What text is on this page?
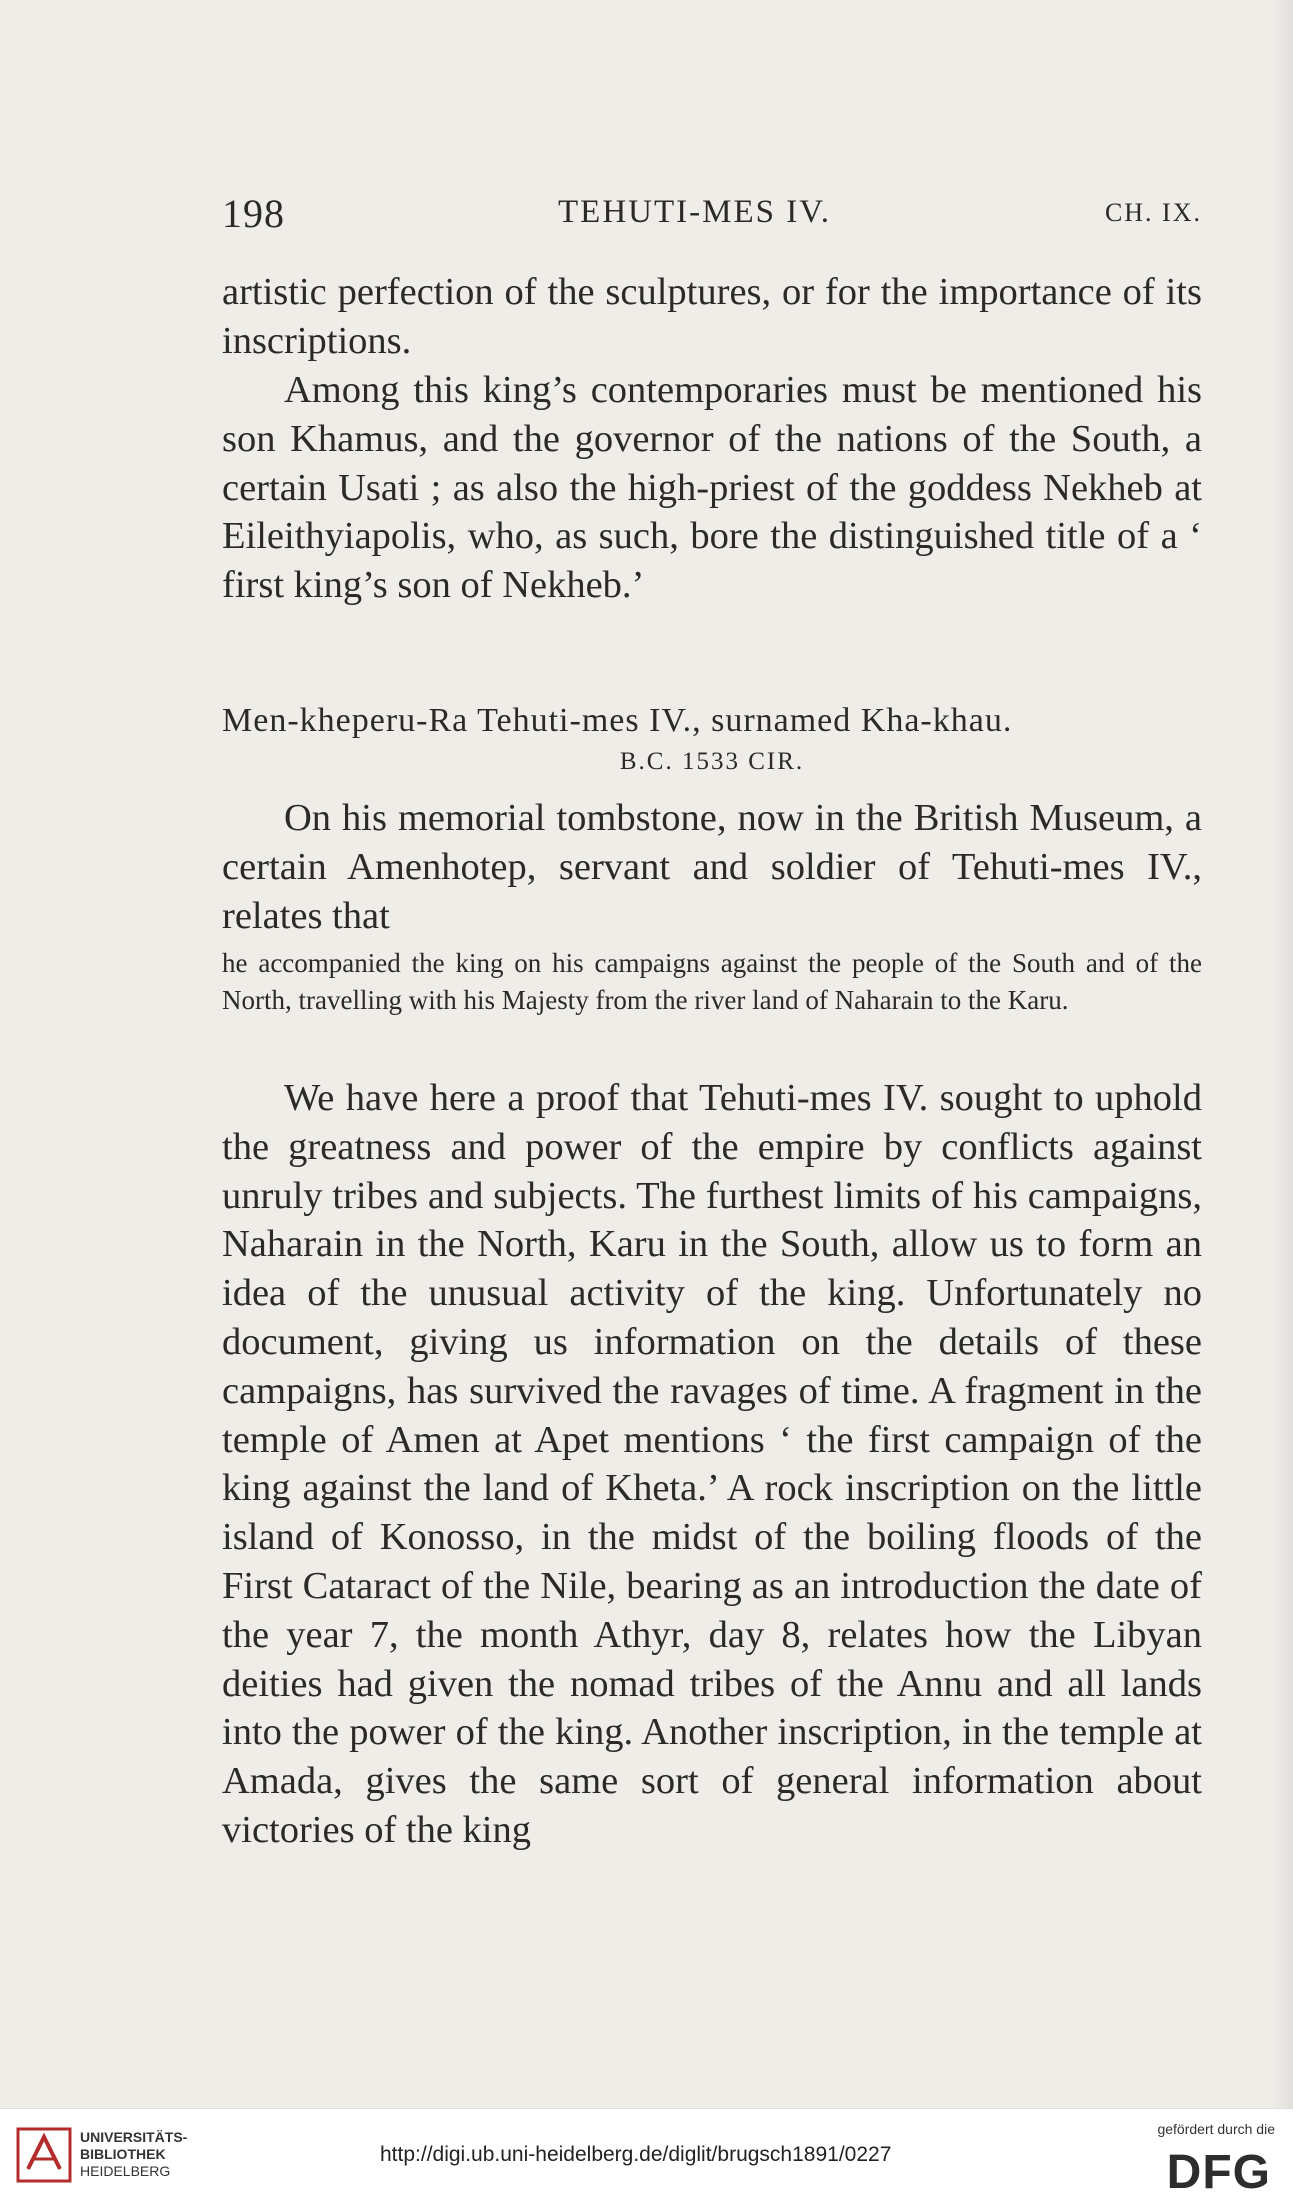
198	TEHUTI-MES IV.	CH. IX.

artistic perfection of the sculptures, or for the importance of its inscriptions.

Among this king’s contemporaries must be mentioned his son Khamus, and the governor of the nations of the South, a certain Usati ; as also the high-priest of the goddess Nekheb at Eileithyiapolis, who, as such, bore the distinguished title of a ‘ first king’s son of Nekheb.’

Men-kheperu-Ra Tehuti-mes IV., surnamed Kha-khau.
B.C. 1533 CIR.

On his memorial tombstone, now in the British Museum, a certain Amenhotep, servant and soldier of Tehuti-mes IV., relates that

he accompanied the king on his campaigns against the people of the South and of the North, travelling with his Majesty from the river land of Naharain to the Karu.

We have here a proof that Tehuti-mes IV. sought to uphold the greatness and power of the empire by conflicts against unruly tribes and subjects. The furthest limits of his campaigns, Naharain in the North, Karu in the South, allow us to form an idea of the unusual activity of the king. Unfortunately no document, giving us information on the details of these campaigns, has survived the ravages of time. A fragment in the temple of Amen at Apet mentions ‘ the first campaign of the king against the land of Kheta.’ A rock inscription on the little island of Konosso, in the midst of the boiling floods of the First Cataract of the Nile, bearing as an introduction the date of the year 7, the month Athyr, day 8, relates how the Libyan deities had given the nomad tribes of the Annu and all lands into the power of the king. Another inscription, in the temple at Amada, gives the same sort of general information about victories of the king

UNIVERSITÄTS-
BIBLIOTHEK
HEIDELBERG
http://digi.ub.uni-heidelberg.de/diglit/brugsch1891/0227
gefördert durch die
DFG
